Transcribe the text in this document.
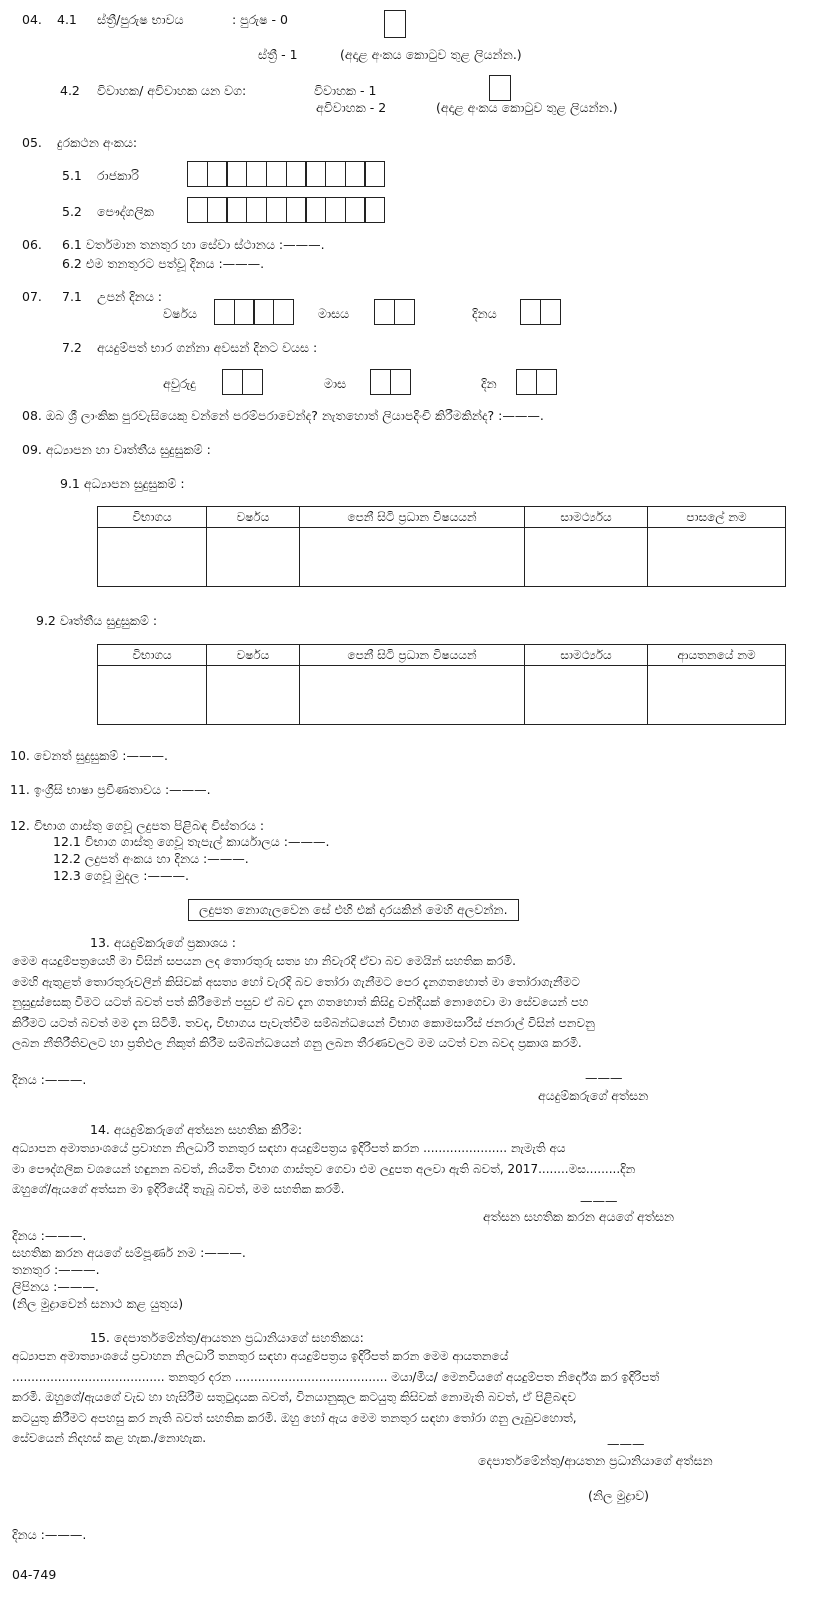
04. 4.1 ස්ත්‍රී/පුරුෂ භාවය	: පුරුෂ - 0
ස්ත්‍රී - 1	(අදාළ අංකය කොටුව තුළ ලියන්න.)
4.2 විවාහක/ අවිවාහක යන වග:	විවාහක - 1
අවිවාහක - 2	(අදාළ අංකය කොටුව තුළ ලියන්න.)
05. දුරකථන අංකය:
5.1 රාජකාරි
5.2 පෞද්ගලික
06. 6.1 වර්තමාන තනතුර හා සේවා ස්ථානය :———.
6.2 එම තනතුරට පත්වූ දිනය :———.
07. 7.1 උපන් දිනය :
වර්ෂය	මාසය	දිනය
7.2 අයදුම්පත් භාර ගන්නා අවසන් දිනට වයස :
අවුරුදු	මාස	දින
08. ඔබ ශ්‍රී ලාංකික පුරවැසියෙකු වන්නේ පරම්පරාවෙන්ද? නැතහොත් ලියාපදිංචි කිරීමකින්ද? :———.
09. අධ්‍යාපන හා වෘත්තීය සුදුසුකම් :
9.1 අධ්‍යාපන සුදුසුකම් :
විභාගය	වර්ෂය	පෙනී සිටි ප්‍රධාන විෂයයන්	සාමර්ථ්‍යය	පාසලේ නම

9.2 වෘත්තීය සුදුසුකම් :
විභාගය	වර්ෂය	පෙනී සිටි ප්‍රධාන විෂයයන්	සාමර්ථ්‍යය	ආයතනයේ නම

10. වෙනත් සුදුසුකම් :———.
11. ඉංග්‍රීසි භාෂා ප්‍රවීණතාවය :———.
12. විභාග ගාස්තු ගෙවූ ලදුපත පිළිබඳ විස්තරය :
12.1 විභාග ගාස්තු ගෙවූ තැපැල් කාර්යාලය :———.
12.2 ලදුපත් අංකය හා දිනය :———.
12.3 ගෙවූ මුදල :———.
ලදුපත නොගැලවෙන සේ එහි එක් දාරයකින් මෙහි අලවන්න.
13. අයදුම්කරුගේ ප්‍රකාශය :
මෙම අයදුම්පත්‍රයෙහි මා විසින් සපයන ලද තොරතුරු සත්‍ය හා නිවැරදි ඒවා බව මෙයින් සහතික කරමි.
මෙහි ඇතුළත් තොරතුරුවලින් කිසිවක් අසත්‍ය හෝ වැරදි බව තෝරා ගැනීමට පෙර දැනගතහොත් මා තෝරාගැනීමට
නුසුදුස්සෙකු වීමට යටත් බවත් පත් කිරීමෙන් පසුව ඒ බව දැන ගතහොත් කිසිදු වන්දියක් නොගෙවා මා සේවයෙන් පහ
කිරීමට යටත් බවත් මම දැන සිටිමි. තවද, විභාගය පැවැත්වීම සම්බන්ධයෙන් විභාග කොමසාරිස් ජනරාල් විසින් පනවනු
ලබන නීතිරීතිවලට හා ප්‍රතිඵල නිකුත් කිරීම සම්බන්ධයෙන් ගනු ලබන තීරණවලට මම යටත් වන බවද ප්‍රකාශ කරමි.
දිනය :———.	———
අයදුම්කරුගේ අත්සන
14. අයදුම්කරුගේ අත්සන සහතික කිරීම:
අධ්‍යාපන අමාත්‍යාංශයේ ප්‍රවාහන නිලධාරි තනතුර සඳහා අයදුම්පත්‍රය ඉදිරිපත් කරන ...................... නැමැති අය
මා පෞද්ගලික වශයෙන් හඳුනන බවත්, නියමිත විභාග ගාස්තුව ගෙවා එම ලදුපත අලවා ඇති බවත්, 2017........මස.........දින
ඔහුගේ/ඇයගේ අත්සන මා ඉදිරියේදී තැබූ බවත්, මම සහතික කරමි.
———
අත්සන සහතික කරන අයගේ අත්සන
දිනය :———.
සහතික කරන අයගේ සම්පූර්ණ නම :———.
තනතුර :———.
ලිපිනය :———.
(නිල මුද්‍රාවෙන් සනාථ කළ යුතුය)
15. දෙපාර්තමේන්තු/ආයතන ප්‍රධානියාගේ සහතිකය:
අධ්‍යාපන අමාත්‍යාංශයේ ප්‍රවාහන නිලධාරි තනතුර සඳහා අයදුම්පත්‍රය ඉදිරිපත් කරන මෙම ආයතනයේ
........................................ තනතුර දරන ........................................ මයා/මිය/ මෙනවියගේ අයදුම්පත නිර්දේශ කර ඉදිරිපත්
කරමි. ඔහුගේ/ඇයගේ වැඩ හා හැසිරීම සතුටුදායක බවත්, විනයානුකූල කටයුතු කිසිවක් නොමැති බවත්, ඒ පිළිබඳව
කටයුතු කිරීමට අපහසු කර නැති බවත් සහතික කරමි. ඔහු හෝ ඇය මෙම තනතුර සඳහා තෝරා ගනු ලැබුවහොත්,
සේවයෙන් නිදහස් කළ හැක./නොහැක.	———
දෙපාර්තමේන්තු/ආයතන ප්‍රධානියාගේ අත්සන
(නිල මුද්‍රාව)
දිනය :———.
04-749
